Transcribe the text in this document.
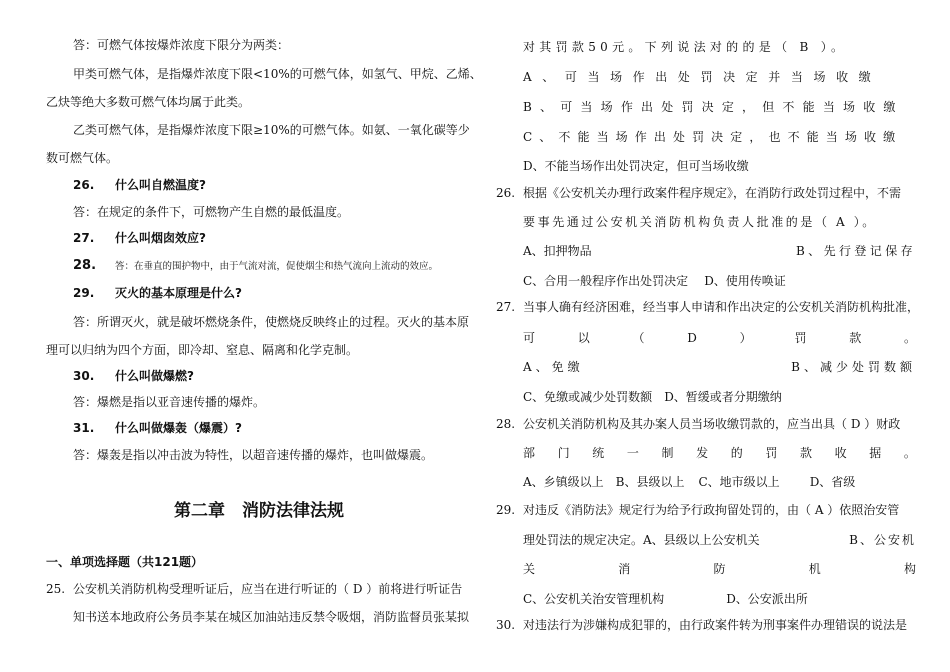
答：可燃气体按爆炸浓度下限分为两类：
甲类可燃气体，是指爆炸浓度下限<10%的可燃气体，如氢气、甲烷、乙烯、
乙炔等绝大多数可燃气体均属于此类。
乙类可燃气体，是指爆炸浓度下限≥10%的可燃气体。如氨、一氧化碳等少
数可燃气体。
26. 什么叫自燃温度?
答：在规定的条件下，可燃物产生自燃的最低温度。
27. 什么叫烟囱效应?
28. 答：在垂直的围护物中，由于气流对流，促使烟尘和热气流向上流动的效应。
29. 灭火的基本原理是什么?
答：所谓灭火，就是破坏燃烧条件，使燃烧反映终止的过程。灭火的基本原
理可以归纳为四个方面，即冷却、窒息、隔离和化学克制。
30. 什么叫做爆燃?
答：爆燃是指以亚音速传播的爆炸。
31. 什么叫做爆轰（爆震）?
答：爆轰是指以冲击波为特性，以超音速传播的爆炸，也叫做爆震。
第二章　消防法律法规
一、单项选择题（共121题）
25. 公安机关消防机构受理听证后，应当在进行听证的（ D ）前将进行听证告
知书送本地政府公务员李某在城区加油站违反禁令吸烟，消防监督员张某拟
对其罚款50元。下列说法对的的是（ B ）。
A、可当场作出处罚决定并当场收缴
B、可当场作出处罚决定，但不能当场收缴
C、不能当场作出处罚决定，也不能当场收缴
D、不能当场作出处罚决定，但可当场收缴
26. 根据《公安机关办理行政案件程序规定》，在消防行政处罚过程中，不需
要事先通过公安机关消防机构负责人批准的是（ A ）。
A、扣押物品	B、先行登记保存
C、合用一般程序作出处罚决定 D、使用传唤证
27. 当事人确有经济困难，经当事人申请和作出决定的公安机关消防机构批准，
可	以	（	D	）	罚	款	。
A、免缴	B、减少处罚数额
C、免缴或减少处罚数额 D、暂缓或者分期缴纳
28. 公安机关消防机构及其办案人员当场收缴罚款的，应当出具（ D ）财政
部 门 统 一 制 发 的 罚 款 收 据 。
A、乡镇级以上 B、县级以上 C、地市级以上	D、省级
29. 对违反《消防法》规定行为给予行政拘留处罚的，由（ A ）依照治安管
理处罚法的规定决定。A、县级以上公安机关	B、公安机
关	消	防	机	构
C、公安机关治安管理机构	D、公安派出所
30. 对违法行为涉嫌构成犯罪的，由行政案件转为刑事案件办理错误的说法是
